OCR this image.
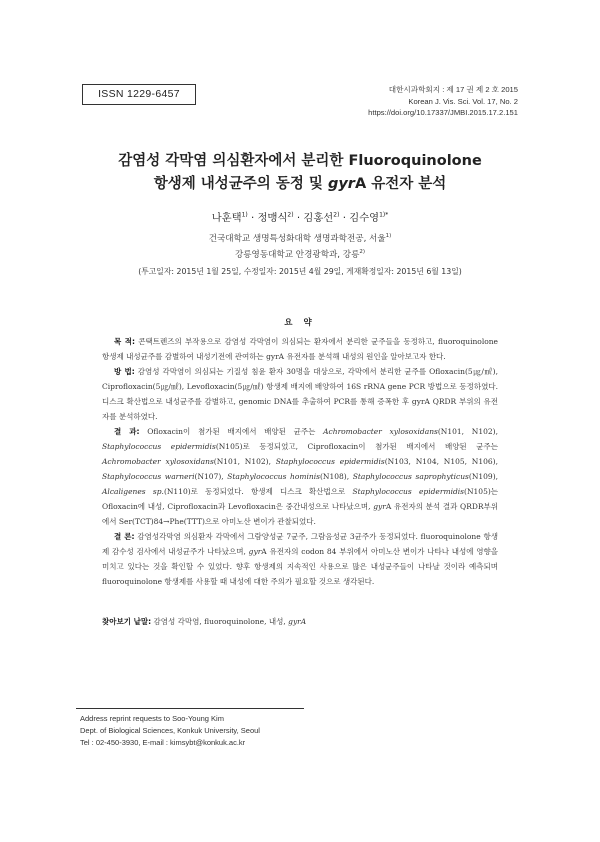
ISSN 1229-6457	대한시과학회지 : 제 17 권 제 2 호 2015
Korean J. Vis. Sci. Vol. 17, No. 2
https://doi.org/10.17337/JMBI.2015.17.2.151
감염성 각막염 의심환자에서 분리한 Fluoroquinolone
항생제 내성균주의 동정 및 gyrA 유전자 분석
나훈택$^{1)}$ · 정맹식$^{2)}$ · 김홍선$^{2)}$ · 김수영$^{1)*}$
건국대학교 생명특성화대학 생명과학전공, 서울$^{1)}$
강릉영동대학교 안경광학과, 강릉$^{2)}$
(투고일자: 2015년 1월 25일, 수정일자: 2015년 4월 29일, 게재확정일자: 2015년 6월 13일)
요 약

목 적: 콘택트렌즈의 부작용으로 감염성 각막염이 의심되는 환자에서 분리한 균주들을 동정하고, fluoroquinolone 항생제 내성균주를 감별하여 내성기전에 관여하는 gyrA 유전자를 분석해 내성의 원인을 알아보고자 한다.

방 법: 감염성 각막염이 의심되는 기질성 침윤 환자 30명을 대상으로, 각막에서 분리한 균주를 Ofloxacin(5㎍/㎖), Ciprofloxacin(5㎍/㎖), Levofloxacin(5㎍/㎖) 항생제 배지에 배양하여 16S rRNA gene PCR 방법으로 동정하였다. 디스크 확산법으로 내성균주를 감별하고, genomic DNA를 추출하여 PCR를 통해 증폭한 후 gyrA QRDR 부위의 유전자를 분석하였다.

결 과: Ofloxacin이 첨가된 배지에서 배양된 균주는 Achromobacter xylosoxidans(N101, N102), Staphylococcus epidermidis(N105)로 동정되었고, Ciprofloxacin이 첨가된 배지에서 배양된 균주는 Achromobacter xylosoxidans(N101, N102), Staphylococcus epidermidis(N103, N104, N105, N106), Staphylococcus warneri(N107), Staphylococcus hominis(N108), Staphylococcus saprophyticus(N109), Alcaligenes sp.(N110)로 동정되었다. 항생제 디스크 확산법으로 Staphylococcus epidermidis(N105)는 Ofloxacin에 내성, Ciprofloxacin과 Levofloxacin은 중간내성으로 나타났으며, gyrA 유전자의 분석 결과 QRDR부위에서 Ser(TCT)84→Phe(TTT)으로 아미노산 변이가 관찰되었다.

결 론: 감염성각막염 의심환자 각막에서 그람양성균 7균주, 그람음성균 3균주가 동정되었다. fluoroquinolone 항생제 감수성 검사에서 내성균주가 나타났으며, gyrA 유전자의 codon 84 부위에서 아미노산 변이가 나타나 내성에 영향을 미치고 있다는 것을 확인할 수 있었다. 향후 항생제의 지속적인 사용으로 많은 내성균주들이 나타날 것이라 예측되며 fluoroquinolone 항생제를 사용할 때 내성에 대한 주의가 필요할 것으로 생각된다.

찾아보기 낱말: 감염성 각막염, fluoroquinolone, 내성, gyrA
Address reprint requests to Soo-Young Kim
Dept. of Biological Sciences, Konkuk University, Seoul
Tel : 02-450-3930, E-mail : kimsybt@konkuk.ac.kr
